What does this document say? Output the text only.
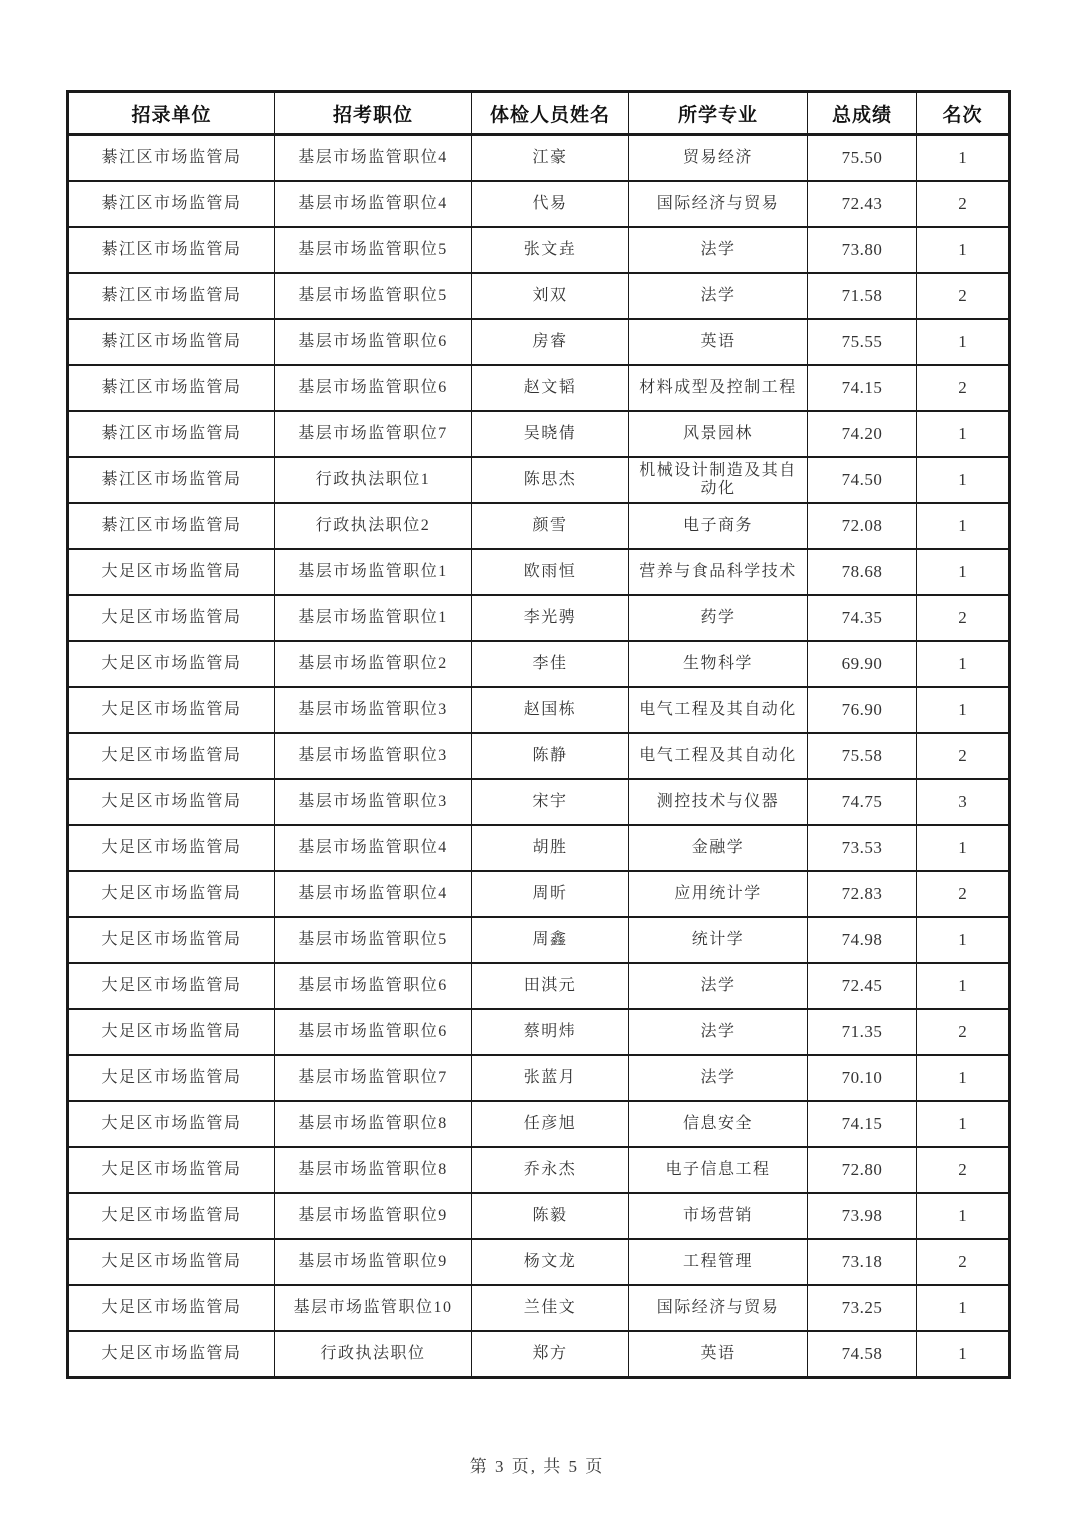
招录单位	招考职位	体检人员姓名	所学专业	总成绩	名次
綦江区市场监管局	基层市场监管职位4	江豪	贸易经济	75.50	1
綦江区市场监管局	基层市场监管职位4	代易	国际经济与贸易	72.43	2
綦江区市场监管局	基层市场监管职位5	张文垚	法学	73.80	1
綦江区市场监管局	基层市场监管职位5	刘双	法学	71.58	2
綦江区市场监管局	基层市场监管职位6	房睿	英语	75.55	1
綦江区市场监管局	基层市场监管职位6	赵文韬	材料成型及控制工程	74.15	2
綦江区市场监管局	基层市场监管职位7	吴晓倩	风景园林	74.20	1
綦江区市场监管局	行政执法职位1	陈思杰	机械设计制造及其自动化	74.50	1
綦江区市场监管局	行政执法职位2	颜雪	电子商务	72.08	1
大足区市场监管局	基层市场监管职位1	欧雨恒	营养与食品科学技术	78.68	1
大足区市场监管局	基层市场监管职位1	李光骋	药学	74.35	2
大足区市场监管局	基层市场监管职位2	李佳	生物科学	69.90	1
大足区市场监管局	基层市场监管职位3	赵国栋	电气工程及其自动化	76.90	1
大足区市场监管局	基层市场监管职位3	陈静	电气工程及其自动化	75.58	2
大足区市场监管局	基层市场监管职位3	宋宇	测控技术与仪器	74.75	3
大足区市场监管局	基层市场监管职位4	胡胜	金融学	73.53	1
大足区市场监管局	基层市场监管职位4	周昕	应用统计学	72.83	2
大足区市场监管局	基层市场监管职位5	周鑫	统计学	74.98	1
大足区市场监管局	基层市场监管职位6	田淇元	法学	72.45	1
大足区市场监管局	基层市场监管职位6	蔡明炜	法学	71.35	2
大足区市场监管局	基层市场监管职位7	张蓝月	法学	70.10	1
大足区市场监管局	基层市场监管职位8	任彦旭	信息安全	74.15	1
大足区市场监管局	基层市场监管职位8	乔永杰	电子信息工程	72.80	2
大足区市场监管局	基层市场监管职位9	陈毅	市场营销	73.98	1
大足区市场监管局	基层市场监管职位9	杨文龙	工程管理	73.18	2
大足区市场监管局	基层市场监管职位10	兰佳文	国际经济与贸易	73.25	1
大足区市场监管局	行政执法职位	郑方	英语	74.58	1
第 3 页, 共 5 页
